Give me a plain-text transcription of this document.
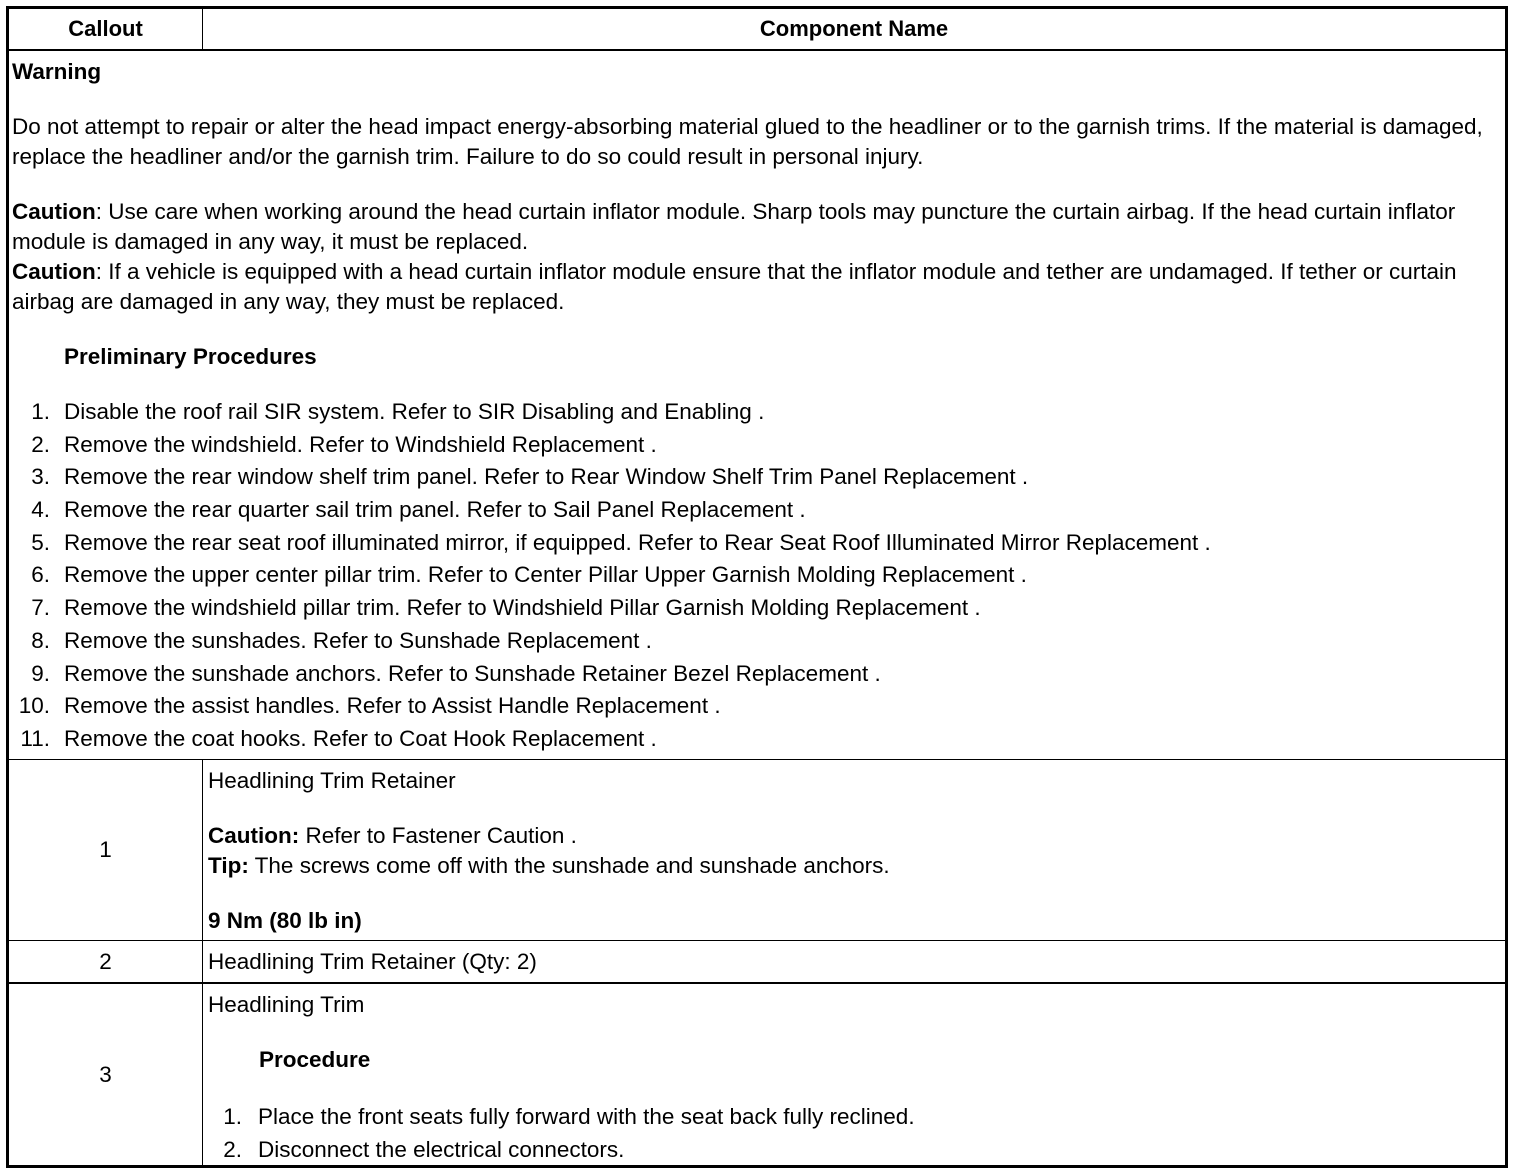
Callout	Component Name

Warning

Do not attempt to repair or alter the head impact energy-absorbing material glued to the headliner or to the garnish trims. If the material is damaged, replace the headliner and/or the garnish trim. Failure to do so could result in personal injury.

Caution: Use care when working around the head curtain inflator module. Sharp tools may puncture the curtain airbag. If the head curtain inflator module is damaged in any way, it must be replaced.

Caution: If a vehicle is equipped with a head curtain inflator module ensure that the inflator module and tether are undamaged. If tether or curtain airbag are damaged in any way, they must be replaced.

Preliminary Procedures
1. Disable the roof rail SIR system. Refer to SIR Disabling and Enabling .
2. Remove the windshield. Refer to Windshield Replacement .
3. Remove the rear window shelf trim panel. Refer to Rear Window Shelf Trim Panel Replacement .
4. Remove the rear quarter sail trim panel. Refer to Sail Panel Replacement .
5. Remove the rear seat roof illuminated mirror, if equipped. Refer to Rear Seat Roof Illuminated Mirror Replacement .
6. Remove the upper center pillar trim. Refer to Center Pillar Upper Garnish Molding Replacement .
7. Remove the windshield pillar trim. Refer to Windshield Pillar Garnish Molding Replacement .
8. Remove the sunshades. Refer to Sunshade Replacement .
9. Remove the sunshade anchors. Refer to Sunshade Retainer Bezel Replacement .
10. Remove the assist handles. Refer to Assist Handle Replacement .
11. Remove the coat hooks. Refer to Coat Hook Replacement .
1

Headlining Trim Retainer

Caution: Refer to Fastener Caution .

Tip: The screws come off with the sunshade and sunshade anchors.

9 Nm (80 lb in)

2	Headlining Trim Retainer (Qty: 2)
3

Headlining Trim

Procedure
1. Place the front seats fully forward with the seat back fully reclined.
2. Disconnect the electrical connectors.
